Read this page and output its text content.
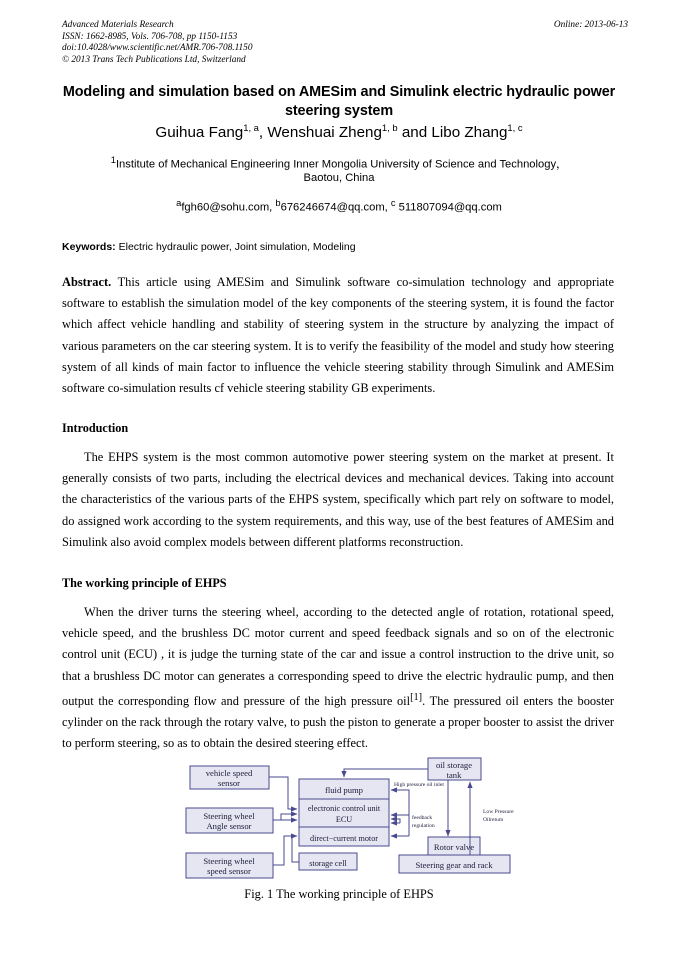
Advanced Materials Research	Online: 2013-06-13
ISSN: 1662-8985, Vols. 706-708, pp 1150-1153
doi:10.4028/www.scientific.net/AMR.706-708.1150
© 2013 Trans Tech Publications Ltd, Switzerland
Modeling and simulation based on AMESim and Simulink electric hydraulic power steering system
Guihua Fang$^{1, a}$, Wenshuai Zheng$^{1, b}$ and Libo Zhang$^{1, c}$
$^1$Institute of Mechanical Engineering Inner Mongolia University of Science and Technology，
Baotou, China
$^a$fgh60@sohu.com, $^b$676246674@qq.com, $^c$ 511807094@qq.com
Keywords: Electric hydraulic power, Joint simulation, Modeling
Abstract. This article using AMESim and Simulink software co-simulation technology and appropriate software to establish the simulation model of the key components of the steering system, it is found the factor which affect vehicle handling and stability of steering system in the structure by analyzing the impact of various parameters on the car steering system. It is to verify the feasibility of the model and study how steering system of all kinds of main factor to influence the vehicle steering stability through Simulink and AMESim software co-simulation results cf vehicle steering stability GB experiments.
Introduction
The EHPS system is the most common automotive power steering system on the market at present. It generally consists of two parts, including the electrical devices and mechanical devices. Taking into account the characteristics of the various parts of the EHPS system, specifically which part rely on software to model, do assigned work according to the system requirements, and this way, use of the best features of AMESim and Simulink also avoid complex models between different platforms reconstruction.
The working principle of EHPS
When the driver turns the steering wheel, according to the detected angle of rotation, rotational speed, vehicle speed, and the brushless DC motor current and speed feedback signals and so on of the electronic control unit (ECU) , it is judge the turning state of the car and issue a control instruction to the drive unit, so that a brushless DC motor can generates a corresponding speed to drive the electric hydraulic pump, and then output the corresponding flow and pressure of the high pressure oil[1]. The pressured oil enters the booster cylinder on the rack through the rotary valve, to push the piston to generate a proper booster to assist the driver to perform steering, so as to obtain the desired steering effect.
vehicle speed
sensor
Steering wheel
Angle sensor
Steering wheel
speed sensor
fluid pump
electronic control unit
ECU
direct−current motor
storage cell
oil storage
tank
Rotor valve
Steering gear and rack
High pressure oil inlet
Low Pressure
Oilretum
feedback
regulation
Fig. 1 The working principle of EHPS
